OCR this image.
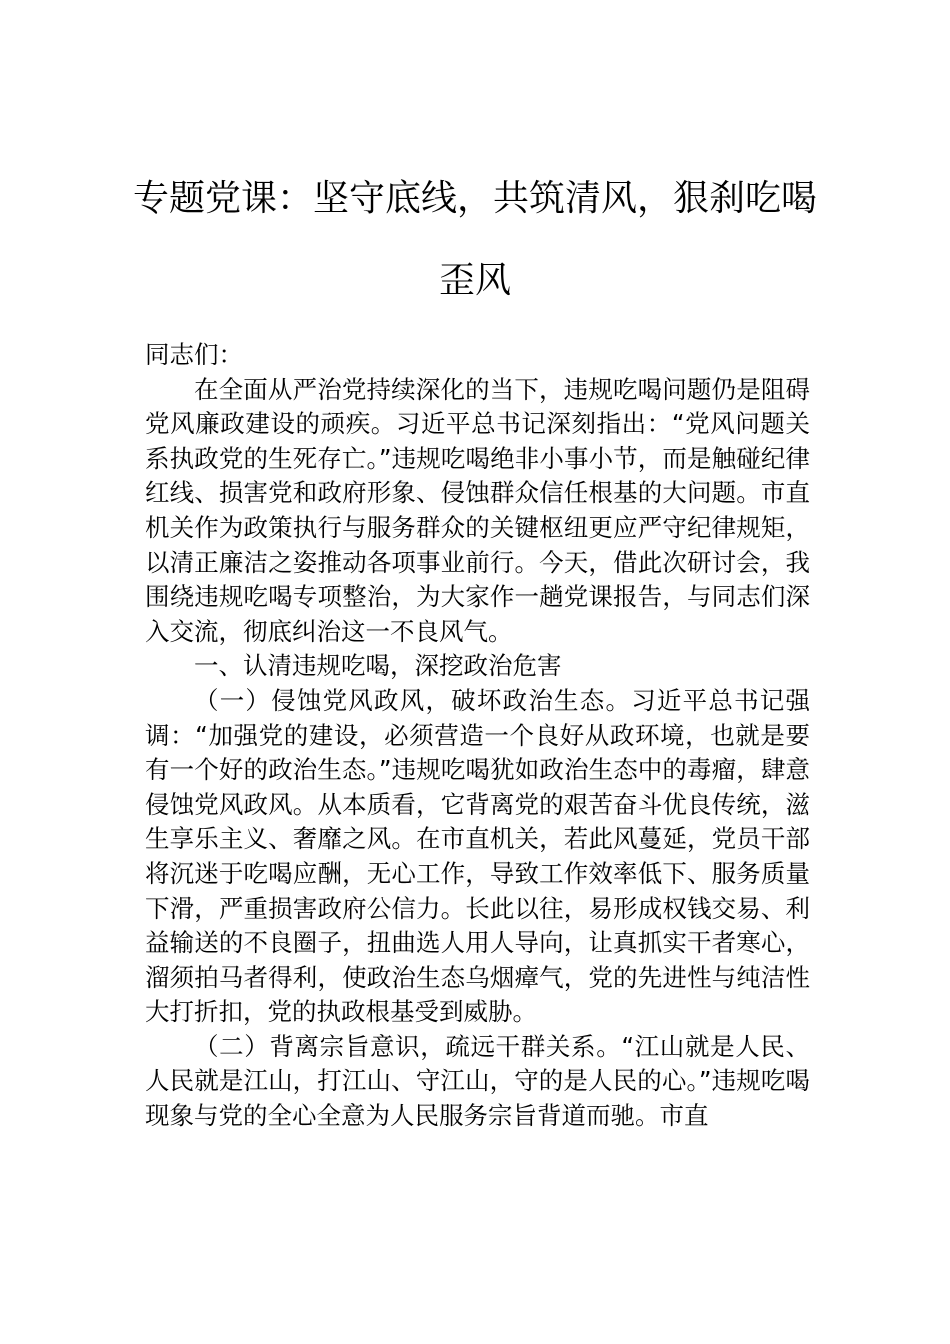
专题党课：坚守底线，共筑清风，狠刹吃喝歪风

同志们：

在全面从严治党持续深化的当下，违规吃喝问题仍是阻碍党风廉政建设的顽疾。习近平总书记深刻指出：“党风问题关系执政党的生死存亡。”违规吃喝绝非小事小节，而是触碰纪律红线、损害党和政府形象、侵蚀群众信任根基的大问题。市直机关作为政策执行与服务群众的关键枢纽更应严守纪律规矩，以清正廉洁之姿推动各项事业前行。今天，借此次研讨会，我围绕违规吃喝专项整治，为大家作一趟党课报告，与同志们深入交流，彻底纠治这一不良风气。

一、认清违规吃喝，深挖政治危害

（一）侵蚀党风政风，破坏政治生态。习近平总书记强调：“加强党的建设，必须营造一个良好从政环境，也就是要有一个好的政治生态。”违规吃喝犹如政治生态中的毒瘤，肆意侵蚀党风政风。从本质看，它背离党的艰苦奋斗优良传统，滋生享乐主义、奢靡之风。在市直机关，若此风蔓延，党员干部将沉迷于吃喝应酬，无心工作，导致工作效率低下、服务质量下滑，严重损害政府公信力。长此以往，易形成权钱交易、利益输送的不良圈子，扭曲选人用人导向，让真抓实干者寒心，溜须拍马者得利，使政治生态乌烟瘴气，党的先进性与纯洁性大打折扣，党的执政根基受到威胁。

（二）背离宗旨意识，疏远干群关系。“江山就是人民、人民就是江山，打江山、守江山，守的是人民的心。”违规吃喝现象与党的全心全意为人民服务宗旨背道而驰。市直
